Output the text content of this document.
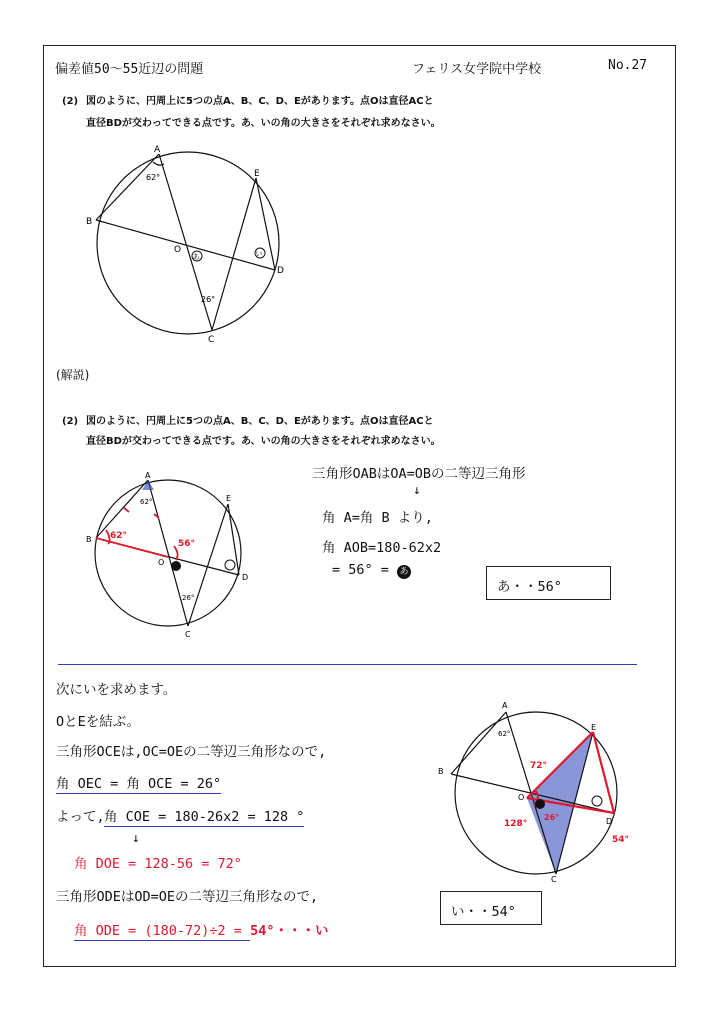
偏差値50〜55近辺の問題	フェリス女学院中学校	No.27
(2) 図のように、円周上に5つの点A、B、C、D、Eがあります。点Oは直径ACと
直径BDが交わってできる点です。あ、いの角の大きさをそれぞれ求めなさい。
A
B
C
D
E
O
62°
26°
あ	い
(解説)
(2) 図のように、円周上に5つの点A、B、C、D、Eがあります。点Oは直径ACと
直径BDが交わってできる点です。あ、いの角の大きさをそれぞれ求めなさい。
A
B
C
D
E
O
62°
26°
62°
56°
三角形OABはOA=OBの二等辺三角形
↓
角 A=角 B より,
角 AOB=180-62x2
= 56° = あ
あ・・56°
次にいを求めます。
OとEを結ぶ。
三角形OCEは,OC=OEの二等辺三角形なので,
角 OEC = 角 OCE = 26°
よって, 角 COE = 180-26x2 = 128 °
↓
角 DOE = 128-56 = 72°
三角形ODEはOD=OEの二等辺三角形なので,
角 ODE = (180-72)÷2 = 54°・・・い
い・・54°
A
B
C
D
E
O
62°
72°
128°
54°
26°
